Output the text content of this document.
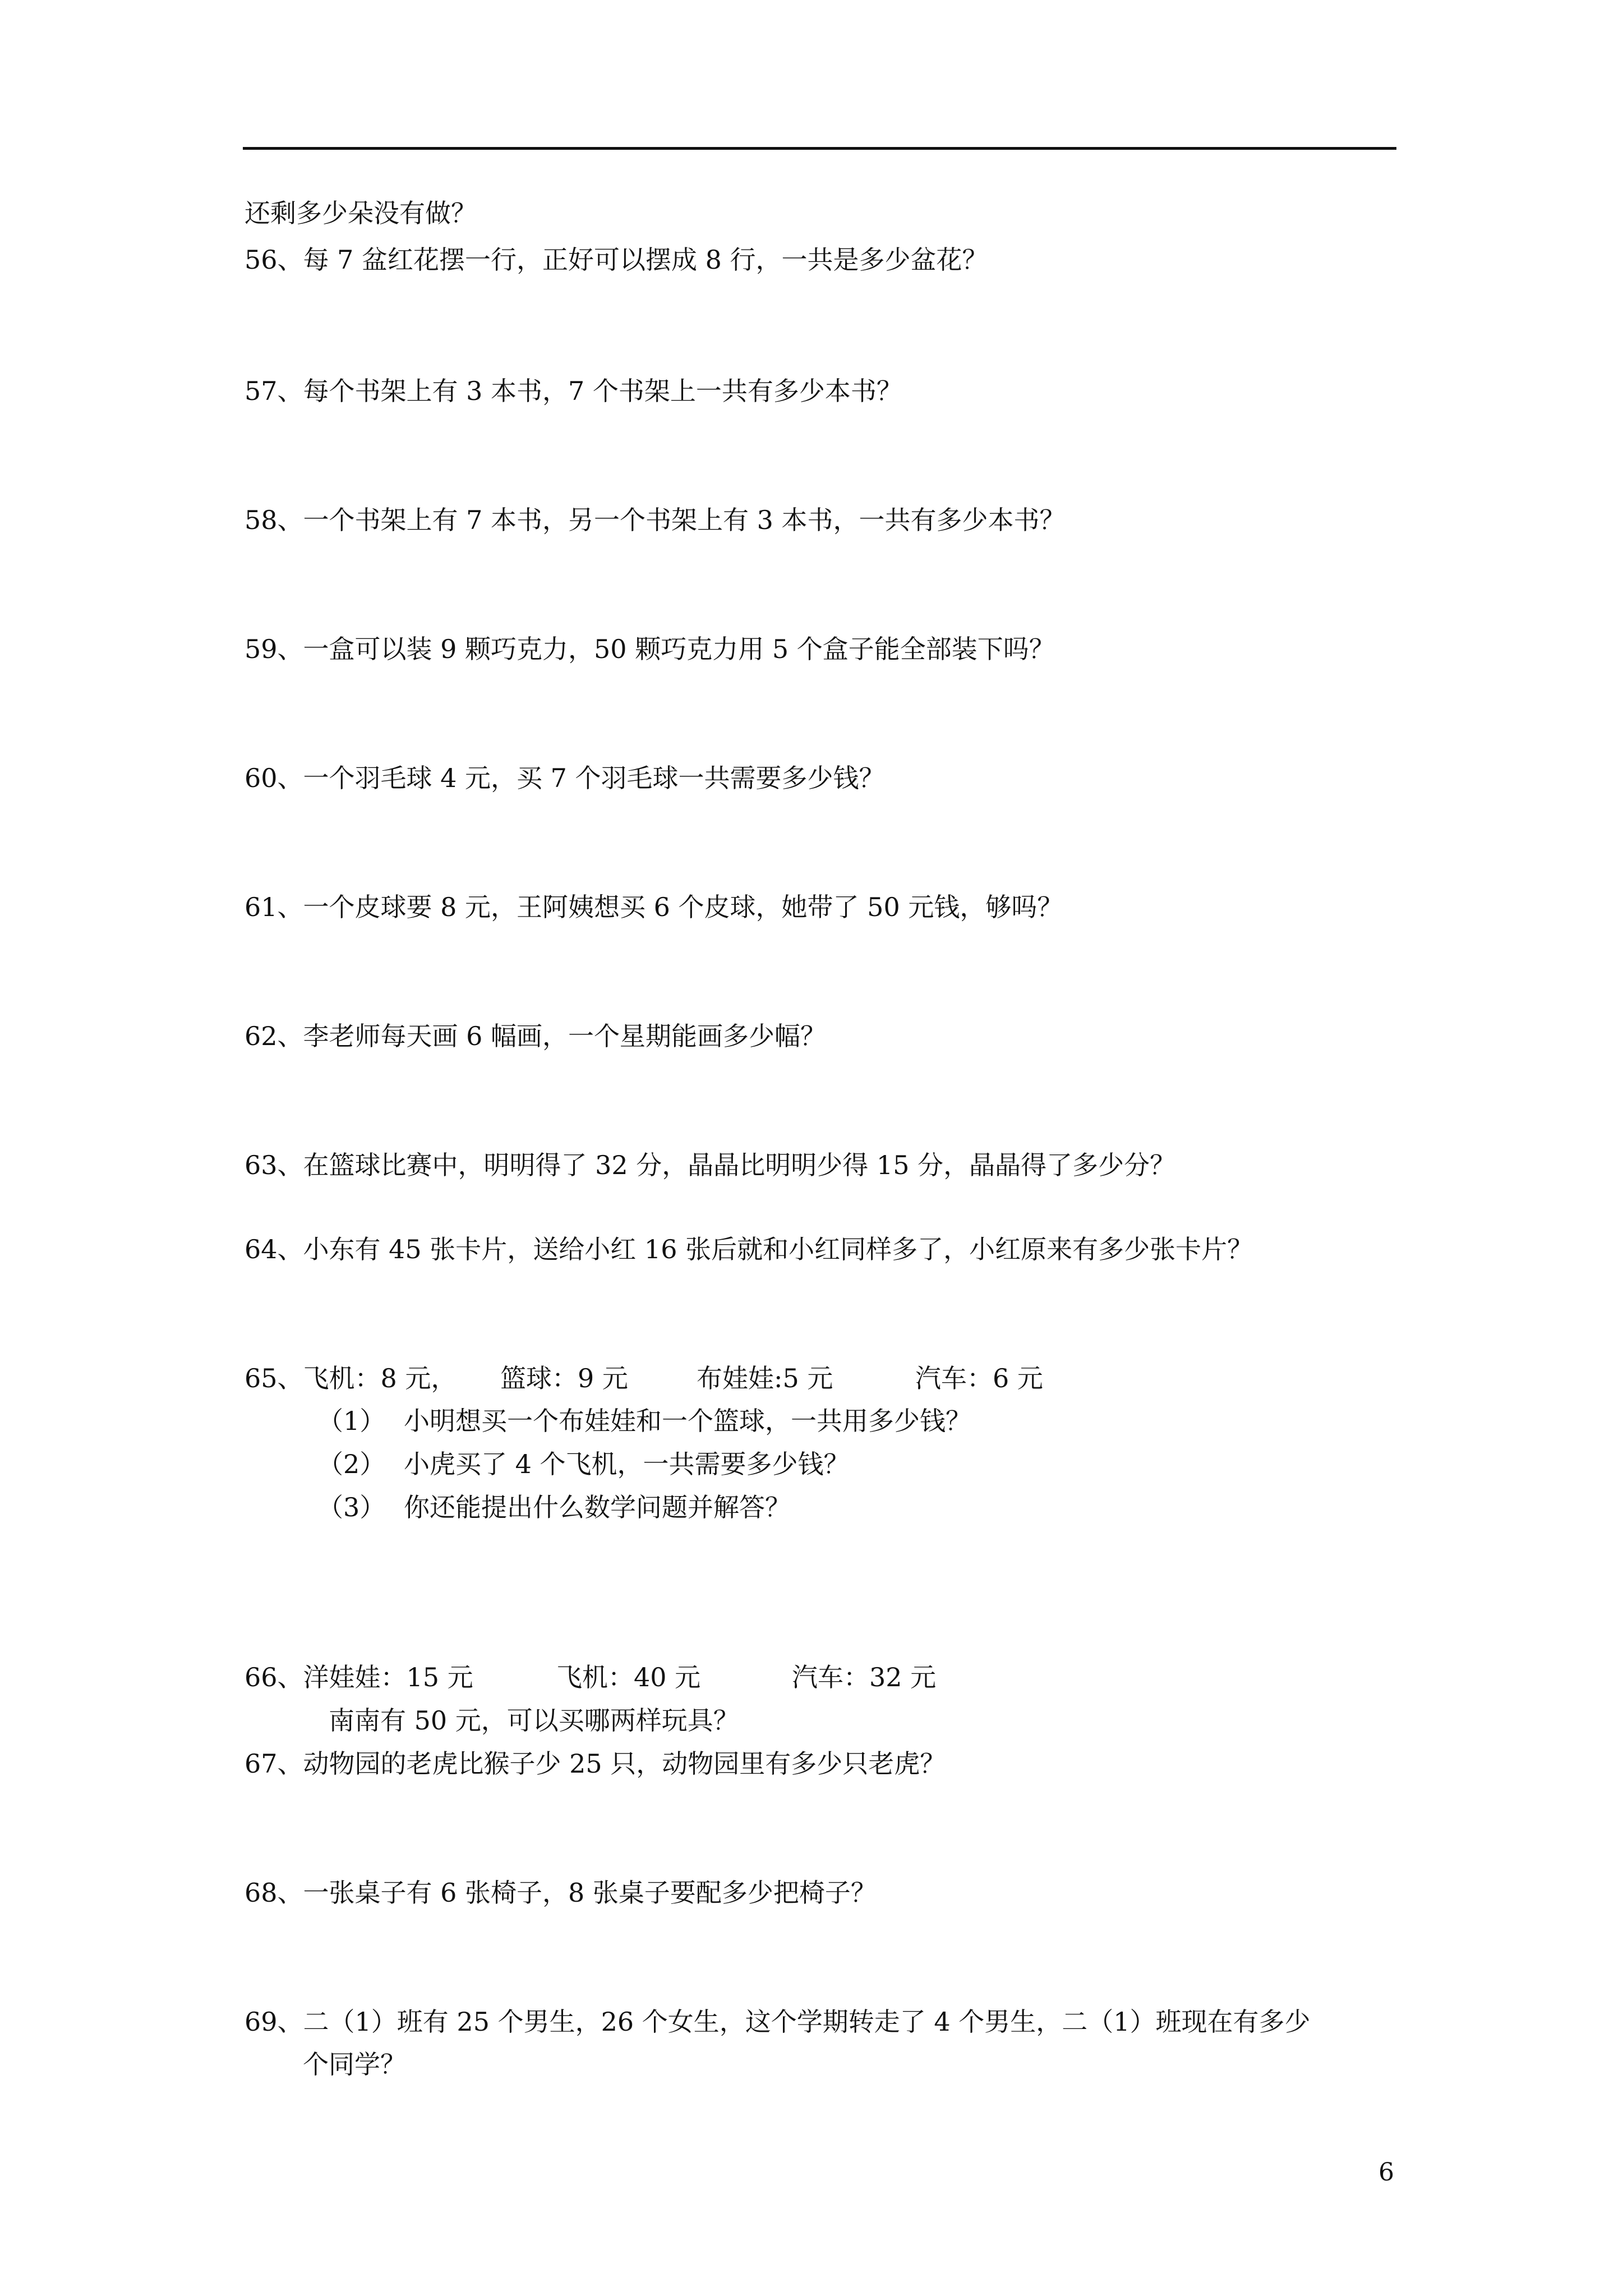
还剩多少朵没有做？
56、每 7 盆红花摆一行，正好可以摆成 8 行，一共是多少盆花？
57、每个书架上有 3 本书，7 个书架上一共有多少本书？
58、一个书架上有 7 本书，另一个书架上有 3 本书，一共有多少本书？
59、一盒可以装 9 颗巧克力，50 颗巧克力用 5 个盒子能全部装下吗？
60、一个羽毛球 4 元，买 7 个羽毛球一共需要多少钱？
61、一个皮球要 8 元，王阿姨想买 6 个皮球，她带了 50 元钱，够吗？
62、李老师每天画 6 幅画，一个星期能画多少幅？
63、在篮球比赛中，明明得了 32 分，晶晶比明明少得 15 分，晶晶得了多少分？
64、小东有 45 张卡片，送给小红 16 张后就和小红同样多了，小红原来有多少张卡片？
65、飞机：8 元， 篮球：9 元	布娃娃:5 元	汽车：6 元
（1） 小明想买一个布娃娃和一个篮球，一共用多少钱？
（2） 小虎买了 4 个飞机，一共需要多少钱？
（3） 你还能提出什么数学问题并解答？
66、洋娃娃：15 元	飞机：40 元	汽车：32 元
南南有 50 元，可以买哪两样玩具？
67、动物园的老虎比猴子少 25 只，动物园里有多少只老虎？
68、一张桌子有 6 张椅子，8 张桌子要配多少把椅子？
69、二（1）班有 25 个男生，26 个女生，这个学期转走了 4 个男生，二（1）班现在有多少
个同学？
6
